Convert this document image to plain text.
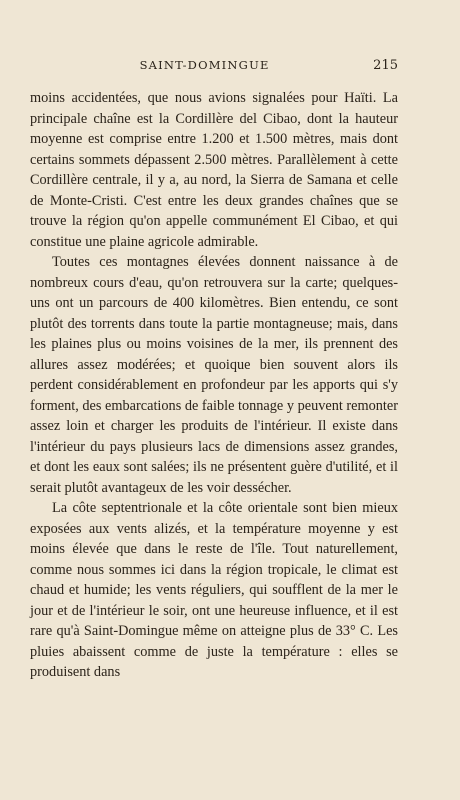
SAINT-DOMINGUE	215

moins accidentées, que nous avions signalées pour Haïti. La principale chaîne est la Cordillère del Cibao, dont la hauteur moyenne est comprise entre 1.200 et 1.500 mètres, mais dont certains sommets dépassent 2.500 mètres. Parallèlement à cette Cordillère centrale, il y a, au nord, la Sierra de Samana et celle de Monte-Cristi. C'est entre les deux grandes chaînes que se trouve la région qu'on appelle communément El Cibao, et qui constitue une plaine agricole admirable.

Toutes ces montagnes élevées donnent naissance à de nombreux cours d'eau, qu'on retrouvera sur la carte; quelques-uns ont un parcours de 400 kilomètres. Bien entendu, ce sont plutôt des torrents dans toute la partie montagneuse; mais, dans les plaines plus ou moins voisines de la mer, ils prennent des allures assez modérées; et quoique bien souvent alors ils perdent considérablement en profondeur par les apports qui s'y forment, des embarcations de faible tonnage y peuvent remonter assez loin et charger les produits de l'intérieur. Il existe dans l'intérieur du pays plusieurs lacs de dimensions assez grandes, et dont les eaux sont salées; ils ne présentent guère d'utilité, et il serait plutôt avantageux de les voir dessécher.

La côte septentrionale et la côte orientale sont bien mieux exposées aux vents alizés, et la température moyenne y est moins élevée que dans le reste de l'île. Tout naturellement, comme nous sommes ici dans la région tropicale, le climat est chaud et humide; les vents réguliers, qui soufflent de la mer le jour et de l'intérieur le soir, ont une heureuse influence, et il est rare qu'à Saint-Domingue même on atteigne plus de 33° C. Les pluies abaissent comme de juste la température : elles se produisent dans
